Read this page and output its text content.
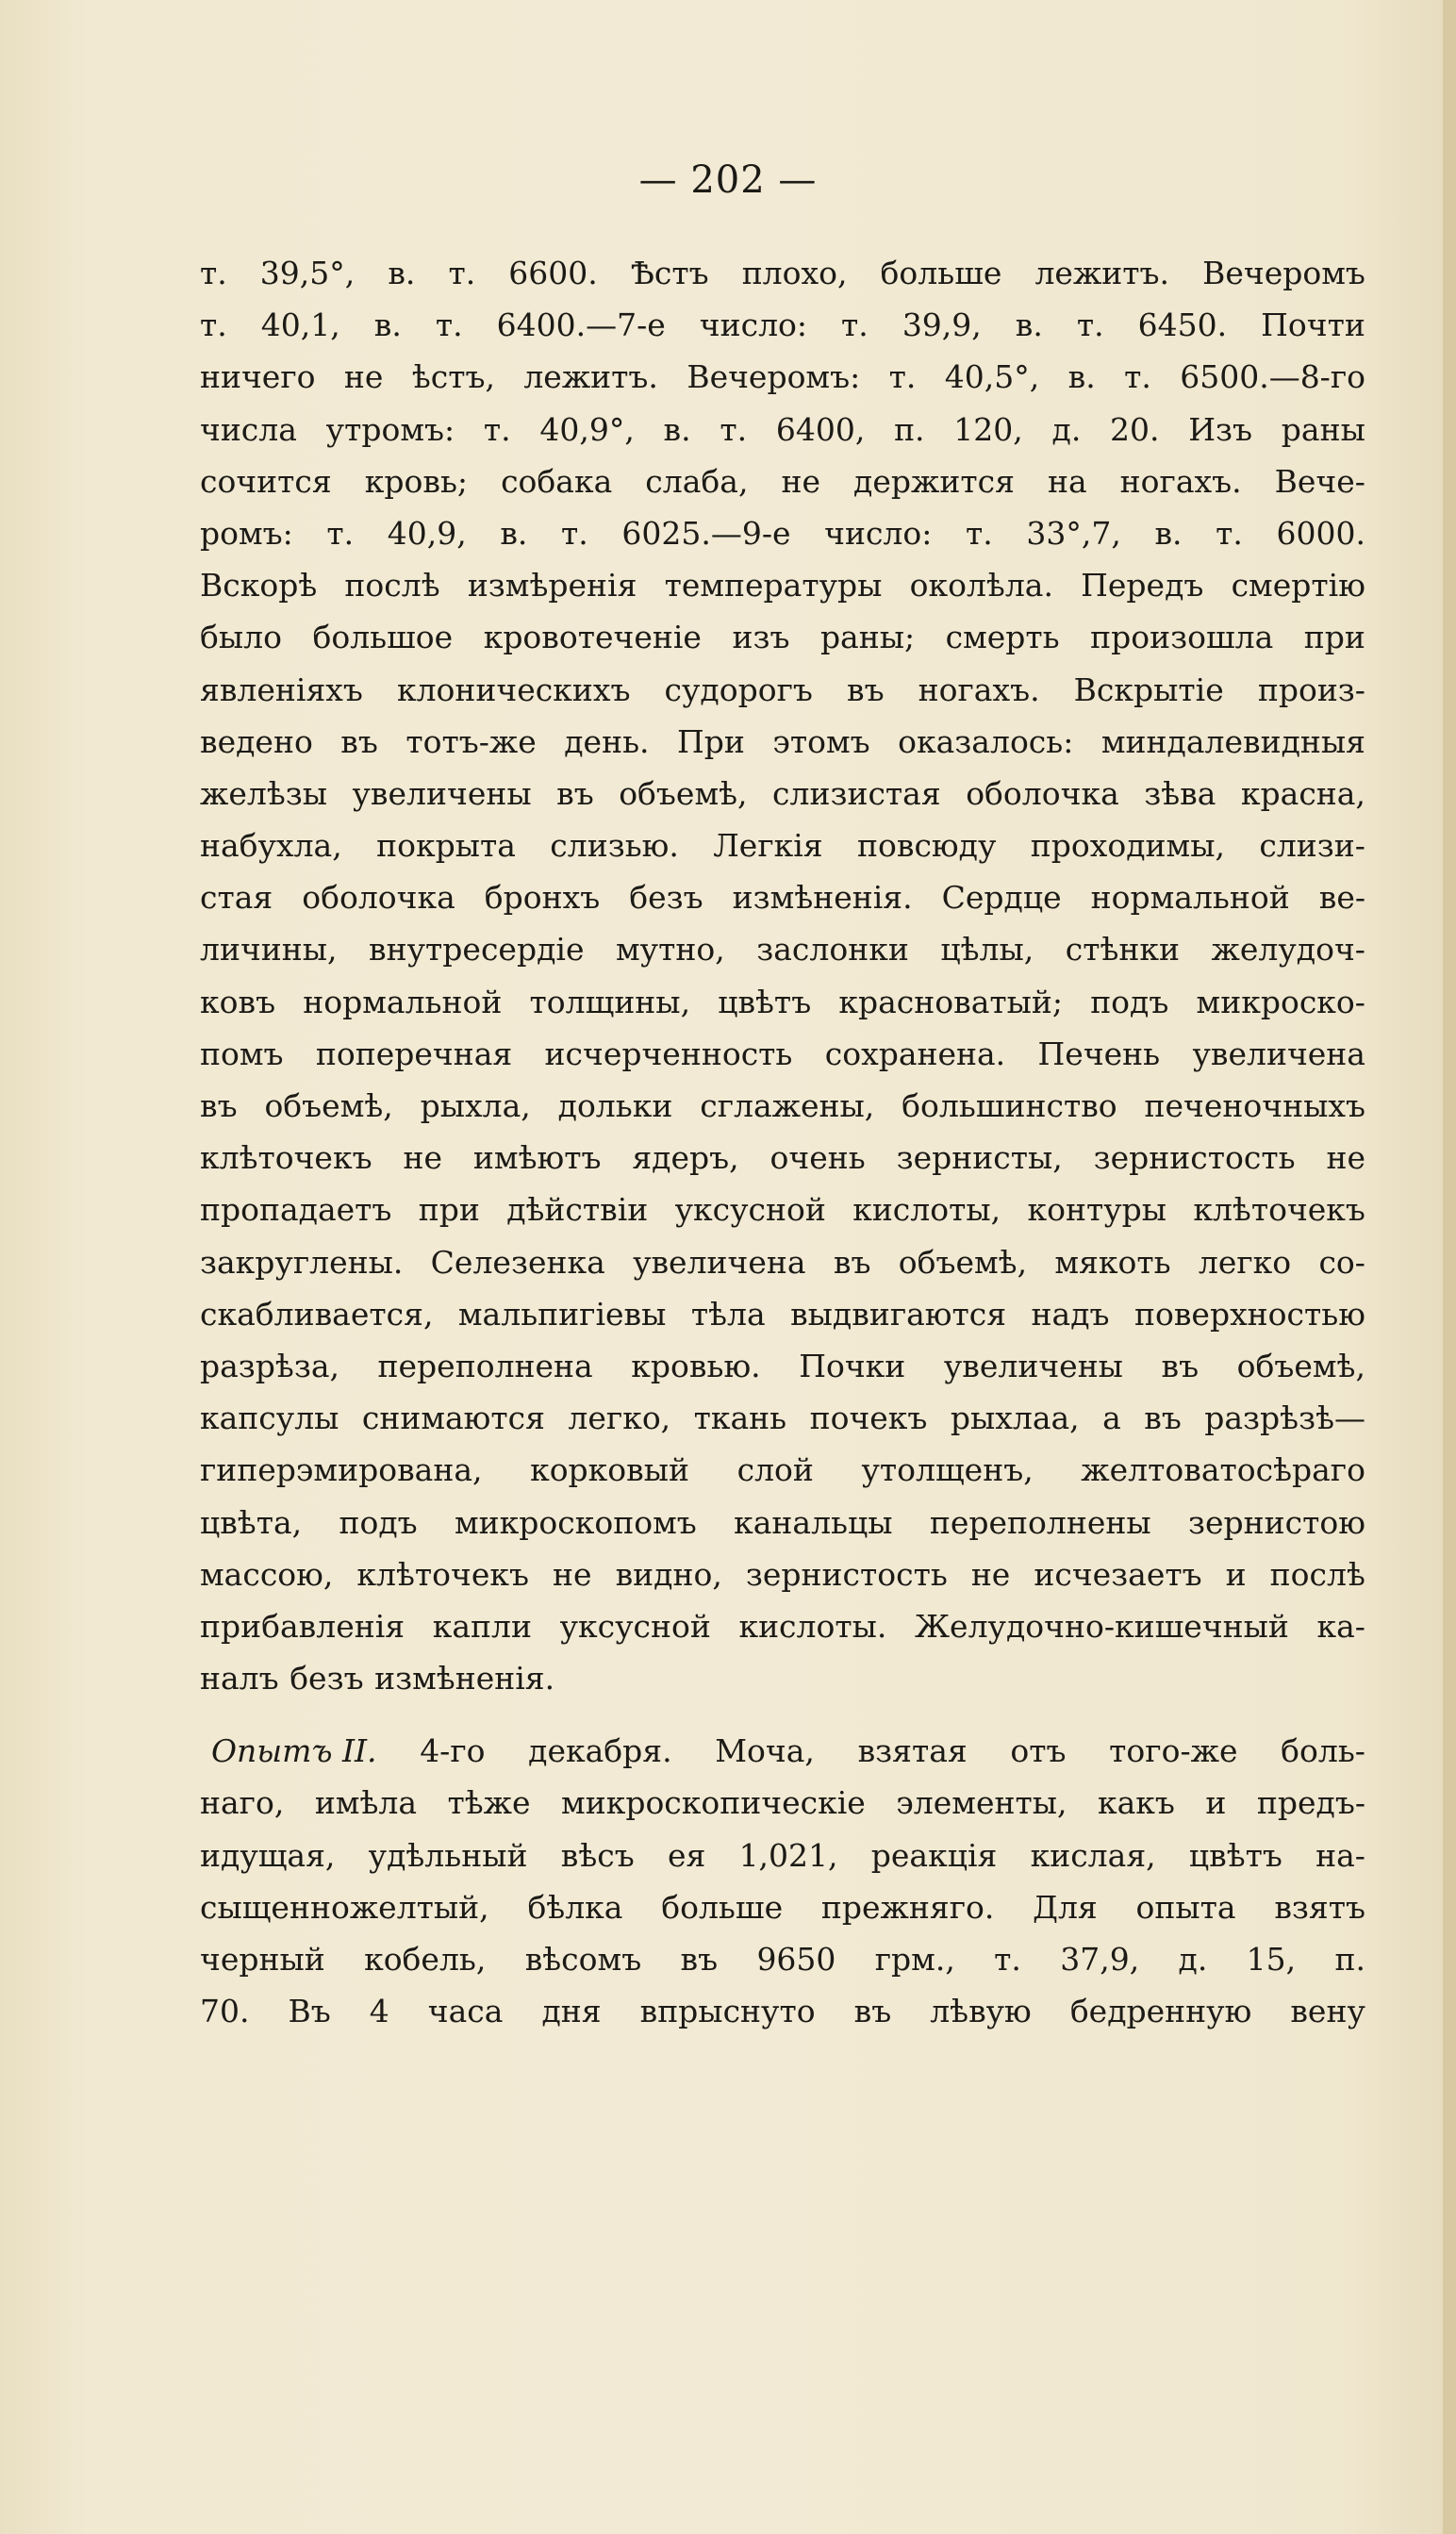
— 202 —
т. 39,5°, в. т. 6600. Ѣстъ плохо, больше лежитъ. Вечеромъ
т. 40,1, в. т. 6400.—7-е число: т. 39,9, в. т. 6450. Почти
ничего не ѣстъ, лежитъ. Вечеромъ: т. 40,5°, в. т. 6500.—8-го
числа утромъ: т. 40,9°, в. т. 6400, п. 120, д. 20. Изъ раны
сочится кровь; собака слаба, не держится на ногахъ. Вече-
ромъ: т. 40,9, в. т. 6025.—9-е число: т. 33°,7, в. т. 6000.
Вскорѣ послѣ измѣренія температуры околѣла. Передъ смертію
было большое кровотеченіе изъ раны; смерть произошла при
явленіяхъ клоническихъ судорогъ въ ногахъ. Вскрытіе произ-
ведено въ тотъ-же день. При этомъ оказалось: миндалевидныя
желѣзы увеличены въ объемѣ, слизистая оболочка зѣва красна,
набухла, покрыта слизью. Легкія повсюду проходимы, слизи-
стая оболочка бронхъ безъ измѣненія. Сердце нормальной ве-
личины, внутресердіе мутно, заслонки цѣлы, стѣнки желудоч-
ковъ нормальной толщины, цвѣтъ красноватый; подъ микроско-
помъ поперечная исчерченность сохранена. Печень увеличена
въ объемѣ, рыхла, дольки сглажены, большинство печеночныхъ
клѣточекъ не имѣютъ ядеръ, очень зернисты, зернистость не
пропадаетъ при дѣйствіи уксусной кислоты, контуры клѣточекъ
закруглены. Селезенка увеличена въ объемѣ, мякоть легко со-
скабливается, мальпигіевы тѣла выдвигаются надъ поверхностью
разрѣза, переполнена кровью. Почки увеличены въ объемѣ,
капсулы снимаются легко, ткань почекъ рыхлаа, а въ разрѣзѣ—
гиперэмирована, корковый слой утолщенъ, желтоватосѣраго
цвѣта, подъ микроскопомъ канальцы переполнены зернистою
массою, клѣточекъ не видно, зернистость не исчезаетъ и послѣ
прибавленія капли уксусной кислоты. Желудочно-кишечный ка-
налъ безъ измѣненія.
Опытъ II. 4-го декабря. Моча, взятая отъ того-же боль-
наго, имѣла тѣже микроскопическіе элементы, какъ и предъ-
идущая, удѣльный вѣсъ ея 1,021, реакція кислая, цвѣтъ на-
сыщенножелтый, бѣлка больше прежняго. Для опыта взятъ
черный кобель, вѣсомъ въ 9650 грм., т. 37,9, д. 15, п.
70. Въ 4 часа дня впрыснуто въ лѣвую бедренную вену
